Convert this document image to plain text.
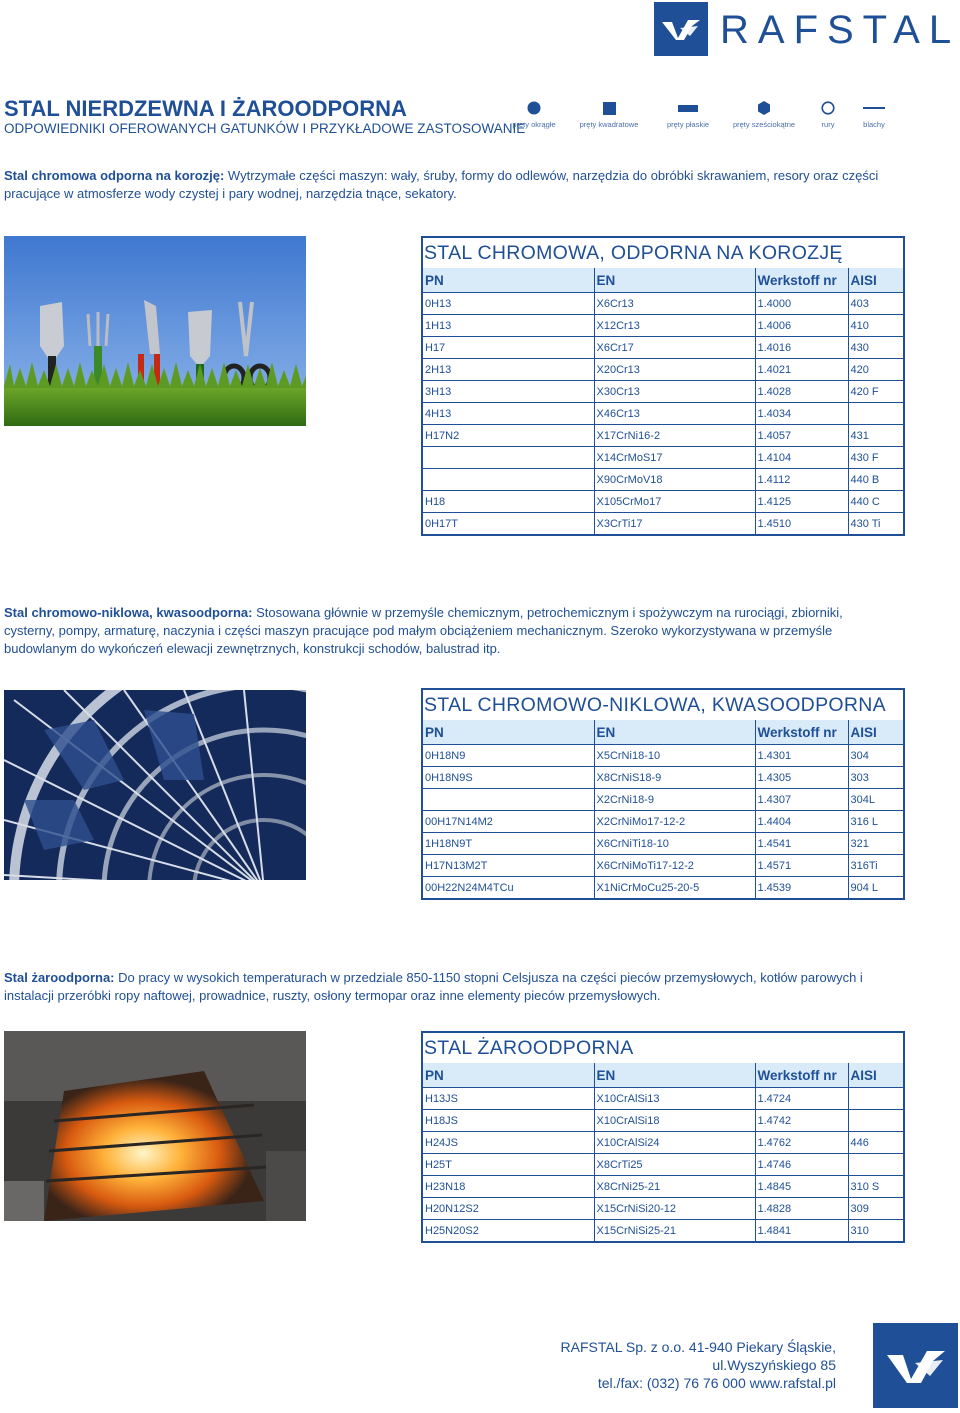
RAFSTAL
STAL NIERDZEWNA I ŻAROODPORNA
ODPOWIEDNIKI OFEROWANYCH GATUNKÓW I PRZYKŁADOWE ZASTOSOWANIE
pręty okrągłe	pręty kwadratowe	pręty płaskie	pręty sześciokątne	rury	blachy
Stal chromowa odporna na korozję: Wytrzymałe części maszyn: wały, śruby, formy do odlewów, narzędzia do obróbki skrawaniem, resory oraz części pracujące w atmosferze wody czystej i pary wodnej, narzędzia tnące, sekatory.
STAL CHROMOWA, ODPORNA NA KOROZJĘ			
PN	EN	Werkstoff nr	AISI
0H13	X6Cr13	1.4000	403
1H13	X12Cr13	1.4006	410
H17	X6Cr17	1.4016	430
2H13	X20Cr13	1.4021	420
3H13	X30Cr13	1.4028	420 F
4H13	X46Cr13	1.4034	
H17N2	X17CrNi16-2	1.4057	431
	X14CrMoS17	1.4104	430 F
	X90CrMoV18	1.4112	440 B
H18	X105CrMo17	1.4125	440 C
0H17T	X3CrTi17	1.4510	430 Ti
Stal chromowo-niklowa, kwasoodporna: Stosowana głównie w przemyśle chemicznym, petrochemicznym i spożywczym na rurociągi, zbiorniki, cysterny, pompy, armaturę, naczynia i części maszyn pracujące pod małym obciążeniem mechanicznym. Szeroko wykorzystywana w przemyśle budowlanym do wykończeń elewacji zewnętrznych, konstrukcji schodów, balustrad itp.
STAL CHROMOWO-NIKLOWA, KWASOODPORNA			
PN	EN	Werkstoff nr	AISI
0H18N9	X5CrNi18-10	1.4301	304
0H18N9S	X8CrNiS18-9	1.4305	303
	X2CrNi18-9	1.4307	304L
00H17N14M2	X2CrNiMo17-12-2	1.4404	316 L
1H18N9T	X6CrNiTi18-10	1.4541	321
H17N13M2T	X6CrNiMoTi17-12-2	1.4571	316Ti
00H22N24M4TCu	X1NiCrMoCu25-20-5	1.4539	904 L
Stal żaroodporna: Do pracy w wysokich temperaturach w przedziale 850-1150 stopni Celsjusza na części pieców przemysłowych, kotłów parowych i instalacji przeróbki ropy naftowej, prowadnice, ruszty, osłony termopar oraz inne elementy pieców przemysłowych.
STAL ŻAROODPORNA			
PN	EN	Werkstoff nr	AISI
H13JS	X10CrAlSi13	1.4724	
H18JS	X10CrAlSi18	1.4742	
H24JS	X10CrAlSi24	1.4762	446
H25T	X8CrTi25	1.4746	
H23N18	X8CrNi25-21	1.4845	310 S
H20N12S2	X15CrNiSi20-12	1.4828	309
H25N20S2	X15CrNiSi25-21	1.4841	310
RAFSTAL Sp. z o.o. 41-940 Piekary Śląskie, ul.Wyszyńskiego 85
tel./fax: (032) 76 76 000 www.rafstal.pl
